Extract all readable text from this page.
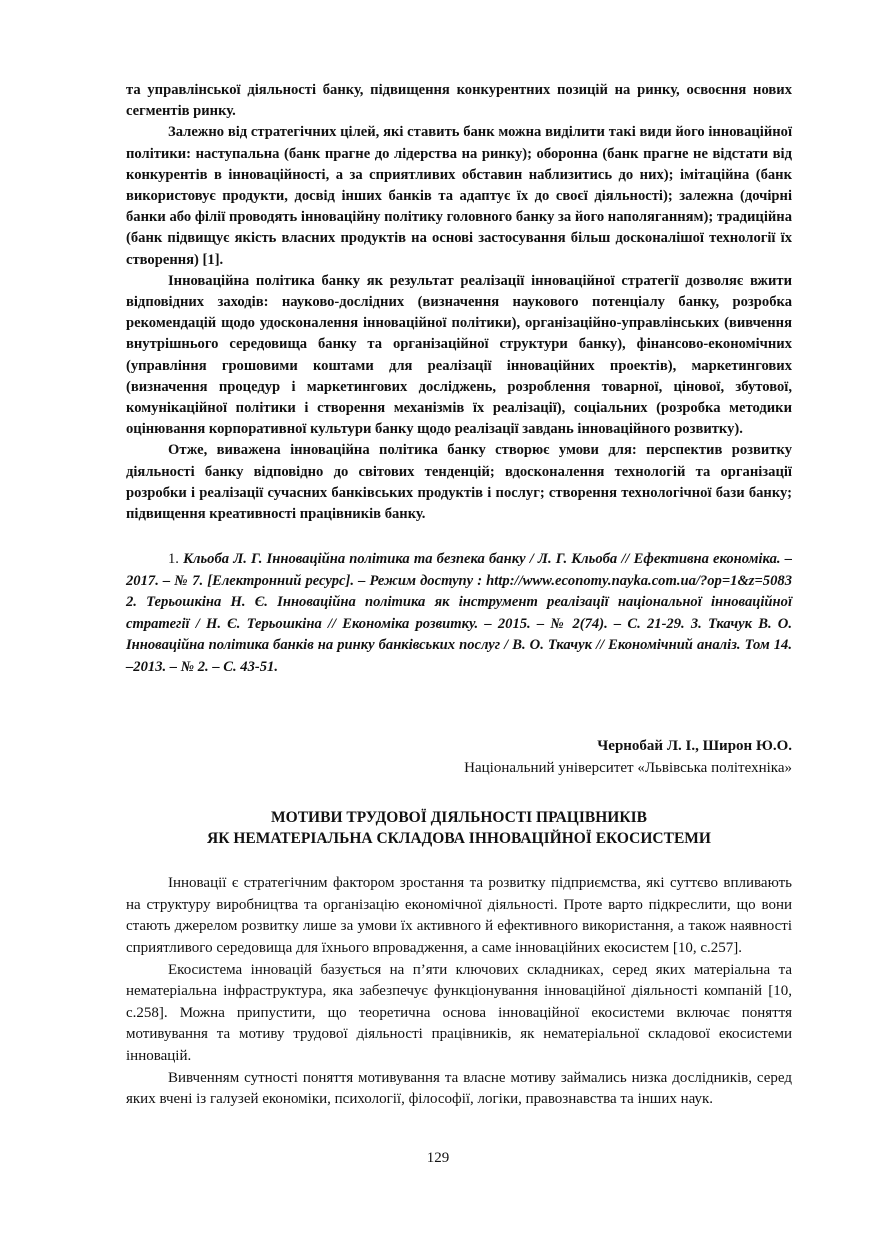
та управлінської діяльності банку, підвищення конкурентних позицій на ринку, освоєння нових сегментів ринку.

Залежно від стратегічних цілей, які ставить банк можна виділити такі види його інноваційної політики: наступальна (банк прагне до лідерства на ринку); оборонна (банк прагне не відстати від конкурентів в інноваційності, а за сприятливих обставин наблизитись до них); імітаційна (банк використовує продукти, досвід інших банків та адаптує їх до своєї діяльності); залежна (дочірні банки або філії проводять інноваційну політику головного банку за його наполяганням); традиційна (банк підвищує якість власних продуктів на основі застосування більш досконалішої технології їх створення) [1].

Інноваційна політика банку як результат реалізації інноваційної стратегії дозволяє вжити відповідних заходів: науково-дослідних (визначення наукового потенціалу банку, розробка рекомендацій щодо удосконалення інноваційної політики), організаційно-управлінських (вивчення внутрішнього середовища банку та організаційної структури банку), фінансово-економічних (управління грошовими коштами для реалізації інноваційних проектів), маркетингових (визначення процедур і маркетингових досліджень, розроблення товарної, цінової, збутової, комунікаційної політики і створення механізмів їх реалізації), соціальних (розробка методики оцінювання корпоративної культури банку щодо реалізації завдань інноваційного розвитку).

Отже, виважена інноваційна політика банку створює умови для: перспектив розвитку діяльності банку відповідно до світових тенденцій; вдосконалення технологій та організації розробки і реалізації сучасних банківських продуктів і послуг; створення технологічної бази банку; підвищення креативності працівників банку.

1. Кльоба Л. Г. Інноваційна політика та безпека банку / Л. Г. Кльоба // Ефективна економіка. – 2017. – № 7. [Електронний ресурс]. – Режим доступу : http://www.economy.nayka.com.ua/?op=1&z=5083 2. Терьошкіна Н. Є. Інноваційна політика як інструмент реалізації національної інноваційної стратегії / Н. Є. Терьошкіна // Економіка розвитку. – 2015. – № 2(74). – С. 21-29. 3. Ткачук В. О. Інноваційна політика банків на ринку банківських послуг / В. О. Ткачук // Економічний аналіз. Том 14. –2013. – № 2. – С. 43-51.

Чернобай Л. І., Ширoн Ю.О.
Національний університет «Львівська політехніка»
МОТИВИ ТРУДОВОЇ ДІЯЛЬНОСТІ ПРАЦІВНИКІВ
ЯК НЕМАТЕРІАЛЬНА СКЛАДОВА ІННОВАЦІЙНОЇ ЕКОСИСТЕМИ

Інновації є стратегічним фактором зростання та розвитку підприємства, які суттєво впливають на структуру виробництва та організацію економічної діяльності. Проте варто підкреслити, що вони стають джерелом розвитку лише за умови їх активного й ефективного використання, а також наявності сприятливого середовища для їхнього впровадження, а саме інноваційних екосистем [10, с.257].

Екосистема інновацій базується на п’яти ключових складниках, серед яких матеріальна та нематеріальна інфраструктура, яка забезпечує функціонування інноваційної діяльності компаній [10, с.258]. Можна припустити, що теоретична основа інноваційної екосистеми включає поняття мотивування та мотиву трудової діяльності працівників, як нематеріальної складової екосистеми інновацій.

Вивченням сутності поняття мотивування та власне мотиву займались низка дослідників, серед яких вчені із галузей економіки, психології, філософії, логіки, правознавства та інших наук.

129
